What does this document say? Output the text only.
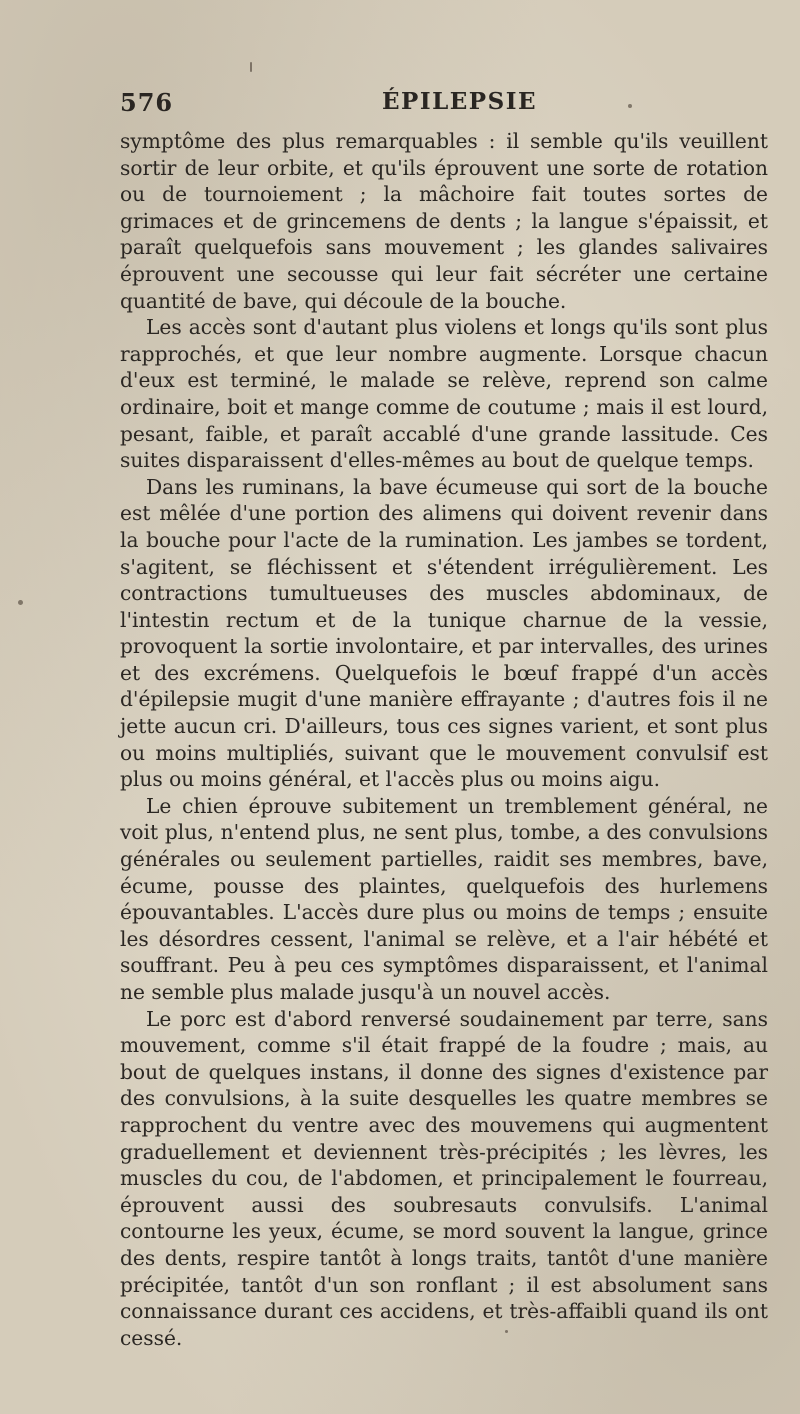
576	ÉPILEPSIE

symptôme des plus remarquables : il semble qu'ils veuillent sortir de leur orbite, et qu'ils éprouvent une sorte de rotation ou de tournoiement ; la mâchoire fait toutes sortes de grimaces et de grincemens de dents ; la langue s'épaissit, et paraît quelquefois sans mouvement ; les glandes salivaires éprouvent une secousse qui leur fait sécréter une certaine quantité de bave, qui découle de la bouche.

Les accès sont d'autant plus violens et longs qu'ils sont plus rapprochés, et que leur nombre augmente. Lorsque chacun d'eux est terminé, le malade se relève, reprend son calme ordinaire, boit et mange comme de coutume ; mais il est lourd, pesant, faible, et paraît accablé d'une grande lassitude. Ces suites disparaissent d'elles-mêmes au bout de quelque temps.

Dans les ruminans, la bave écumeuse qui sort de la bouche est mêlée d'une portion des alimens qui doivent revenir dans la bouche pour l'acte de la rumination. Les jambes se tordent, s'agitent, se fléchissent et s'étendent irrégulièrement. Les contractions tumultueuses des muscles abdominaux, de l'intestin rectum et de la tunique charnue de la vessie, provoquent la sortie involontaire, et par intervalles, des urines et des excrémens. Quelquefois le bœuf frappé d'un accès d'épilepsie mugit d'une manière effrayante ; d'autres fois il ne jette aucun cri. D'ailleurs, tous ces signes varient, et sont plus ou moins multipliés, suivant que le mouvement convulsif est plus ou moins général, et l'accès plus ou moins aigu.

Le chien éprouve subitement un tremblement général, ne voit plus, n'entend plus, ne sent plus, tombe, a des convulsions générales ou seulement partielles, raidit ses membres, bave, écume, pousse des plaintes, quelquefois des hurlemens épouvantables. L'accès dure plus ou moins de temps ; ensuite les désordres cessent, l'animal se relève, et a l'air hébété et souffrant. Peu à peu ces symptômes disparaissent, et l'animal ne semble plus malade jusqu'à un nouvel accès.

Le porc est d'abord renversé soudainement par terre, sans mouvement, comme s'il était frappé de la foudre ; mais, au bout de quelques instans, il donne des signes d'existence par des convulsions, à la suite desquelles les quatre membres se rapprochent du ventre avec des mouvemens qui augmentent graduellement et deviennent très-précipités ; les lèvres, les muscles du cou, de l'abdomen, et principalement le fourreau, éprouvent aussi des soubresauts convulsifs. L'animal contourne les yeux, écume, se mord souvent la langue, grince des dents, respire tantôt à longs traits, tantôt d'une manière précipitée, tantôt d'un son ronflant ; il est absolument sans connaissance durant ces accidens, et très-affaibli quand ils ont cessé.
